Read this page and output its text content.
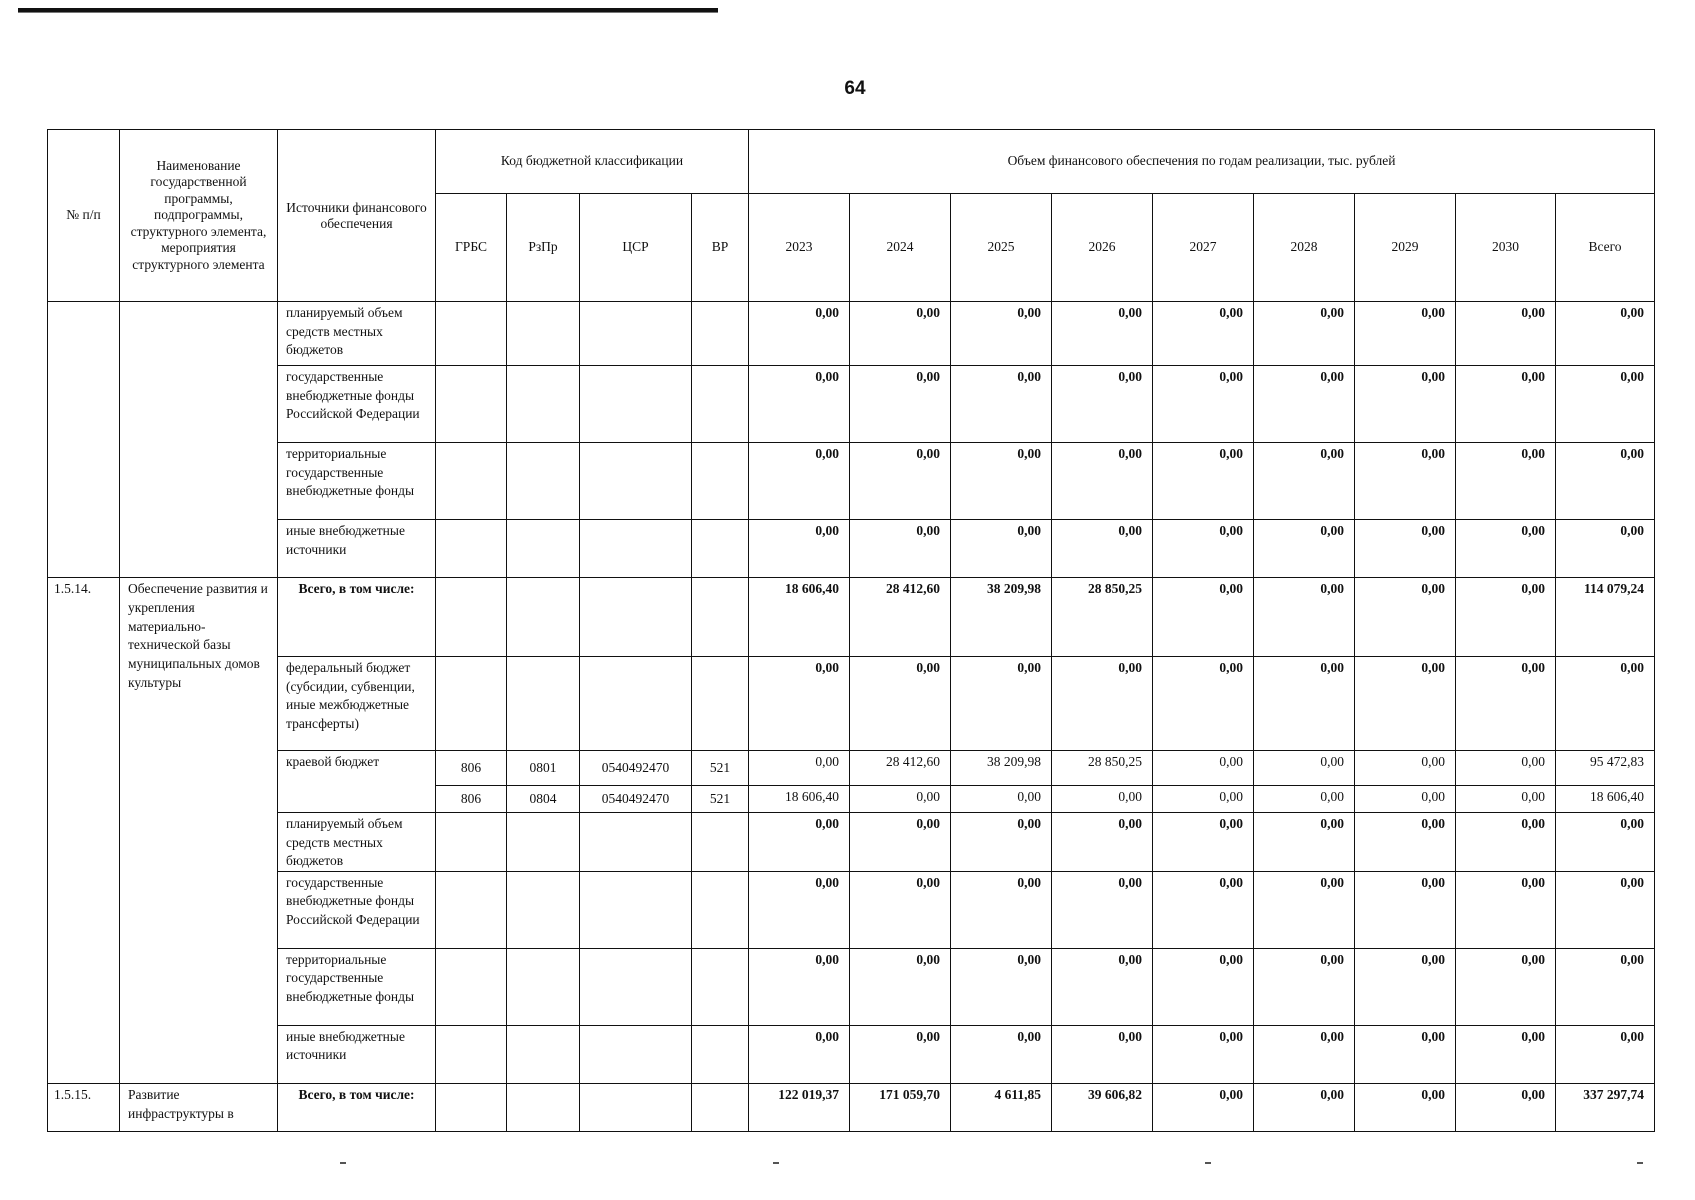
64
№ п/п	Наименование государственной программы, подпрограммы, структурного элемента, мероприятия структурного элемента	Источники финансового обеспечения	Код бюджетной классификации				Объем финансового обеспечения по годам реализации, тыс. рублей								
			ГРБС	РзПр	ЦСР	ВР	2023	2024	2025	2026	2027	2028	2029	2030	Всего
		планируемый объем средств местных бюджетов					0,00	0,00	0,00	0,00	0,00	0,00	0,00	0,00	0,00
		государственные внебюджетные фонды Российской Федерации					0,00	0,00	0,00	0,00	0,00	0,00	0,00	0,00	0,00
		территориальные государственные внебюджетные фонды					0,00	0,00	0,00	0,00	0,00	0,00	0,00	0,00	0,00
		иные внебюджетные источники					0,00	0,00	0,00	0,00	0,00	0,00	0,00	0,00	0,00
1.5.14.	Обеспечение развития и укрепления материально-технической базы муниципальных домов культуры	Всего, в том числе:					18 606,40	28 412,60	38 209,98	28 850,25	0,00	0,00	0,00	0,00	114 079,24
		федеральный бюджет (субсидии, субвенции, иные межбюджетные трансферты)					0,00	0,00	0,00	0,00	0,00	0,00	0,00	0,00	0,00
		краевой бюджет	806	0801	0540492470	521	0,00	28 412,60	38 209,98	28 850,25	0,00	0,00	0,00	0,00	95 472,83
			806	0804	0540492470	521	18 606,40	0,00	0,00	0,00	0,00	0,00	0,00	0,00	18 606,40
		планируемый объем средств местных бюджетов					0,00	0,00	0,00	0,00	0,00	0,00	0,00	0,00	0,00
		государственные внебюджетные фонды Российской Федерации					0,00	0,00	0,00	0,00	0,00	0,00	0,00	0,00	0,00
		территориальные государственные внебюджетные фонды					0,00	0,00	0,00	0,00	0,00	0,00	0,00	0,00	0,00
		иные внебюджетные источники					0,00	0,00	0,00	0,00	0,00	0,00	0,00	0,00	0,00
1.5.15.	Развитие инфраструктуры в	Всего, в том числе:					122 019,37	171 059,70	4 611,85	39 606,82	0,00	0,00	0,00	0,00	337 297,74
